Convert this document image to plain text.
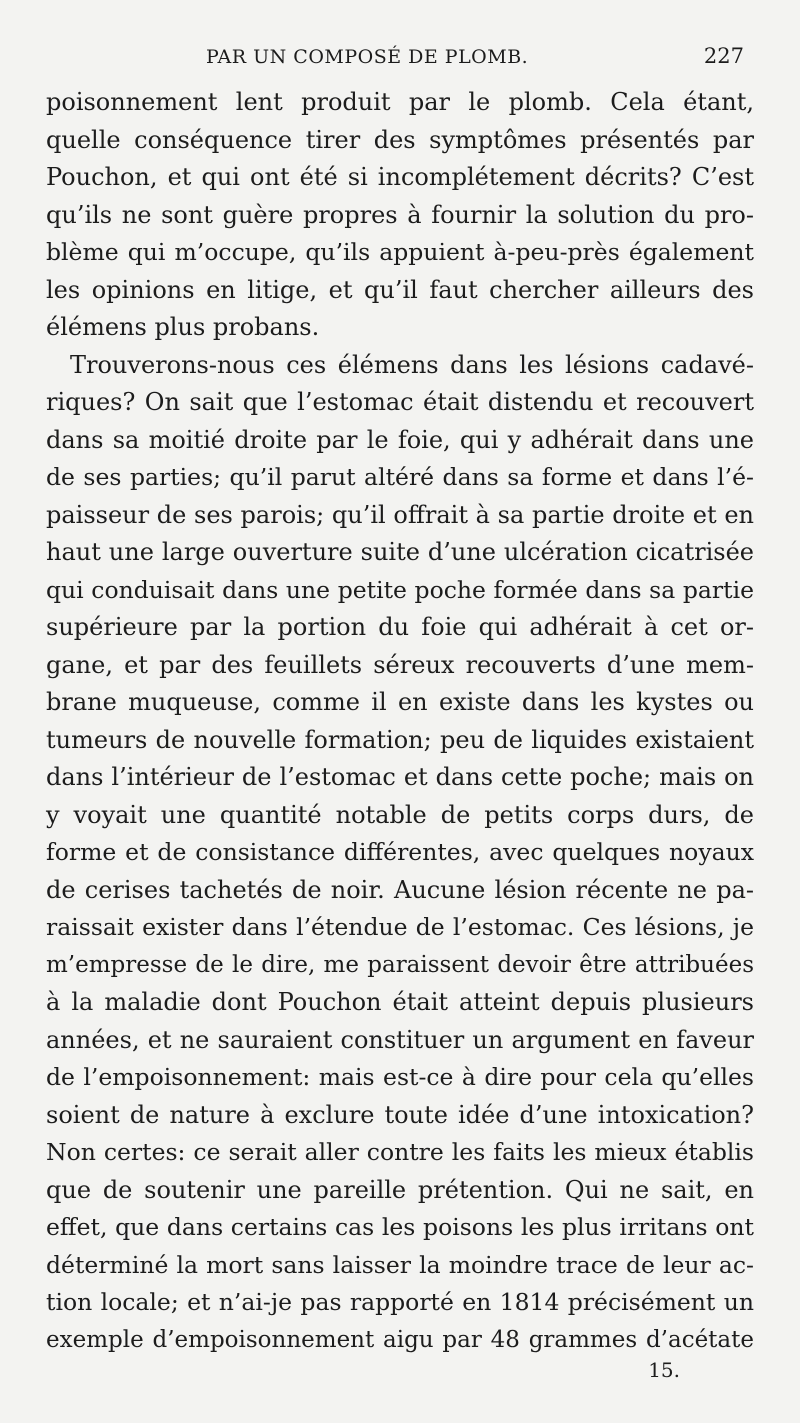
PAR UN COMPOSÉ DE PLOMB.	227
poisonnement lent produit par le plomb. Cela étant,
quelle conséquence tirer des symptômes présentés par
Pouchon, et qui ont été si incomplétement décrits? C’est
qu’ils ne sont guère propres à fournir la solution du pro-
blème qui m’occupe, qu’ils appuient à-peu-près également
les opinions en litige, et qu’il faut chercher ailleurs des
élémens plus probans.
Trouverons-nous ces élémens dans les lésions cadavé-
riques? On sait que l’estomac était distendu et recouvert
dans sa moitié droite par le foie, qui y adhérait dans une
de ses parties; qu’il parut altéré dans sa forme et dans l’é-
paisseur de ses parois; qu’il offrait à sa partie droite et en
haut une large ouverture suite d’une ulcération cicatrisée
qui conduisait dans une petite poche formée dans sa partie
supérieure par la portion du foie qui adhérait à cet or-
gane, et par des feuillets séreux recouverts d’une mem-
brane muqueuse, comme il en existe dans les kystes ou
tumeurs de nouvelle formation; peu de liquides existaient
dans l’intérieur de l’estomac et dans cette poche; mais on
y voyait une quantité notable de petits corps durs, de
forme et de consistance différentes, avec quelques noyaux
de cerises tachetés de noir. Aucune lésion récente ne pa-
raissait exister dans l’étendue de l’estomac. Ces lésions, je
m’empresse de le dire, me paraissent devoir être attribuées
à la maladie dont Pouchon était atteint depuis plusieurs
années, et ne sauraient constituer un argument en faveur
de l’empoisonnement: mais est-ce à dire pour cela qu’elles
soient de nature à exclure toute idée d’une intoxication?
Non certes: ce serait aller contre les faits les mieux établis
que de soutenir une pareille prétention. Qui ne sait, en
effet, que dans certains cas les poisons les plus irritans ont
déterminé la mort sans laisser la moindre trace de leur ac-
tion locale; et n’ai-je pas rapporté en 1814 précisément un
exemple d’empoisonnement aigu par 48 grammes d’acétate
15.
